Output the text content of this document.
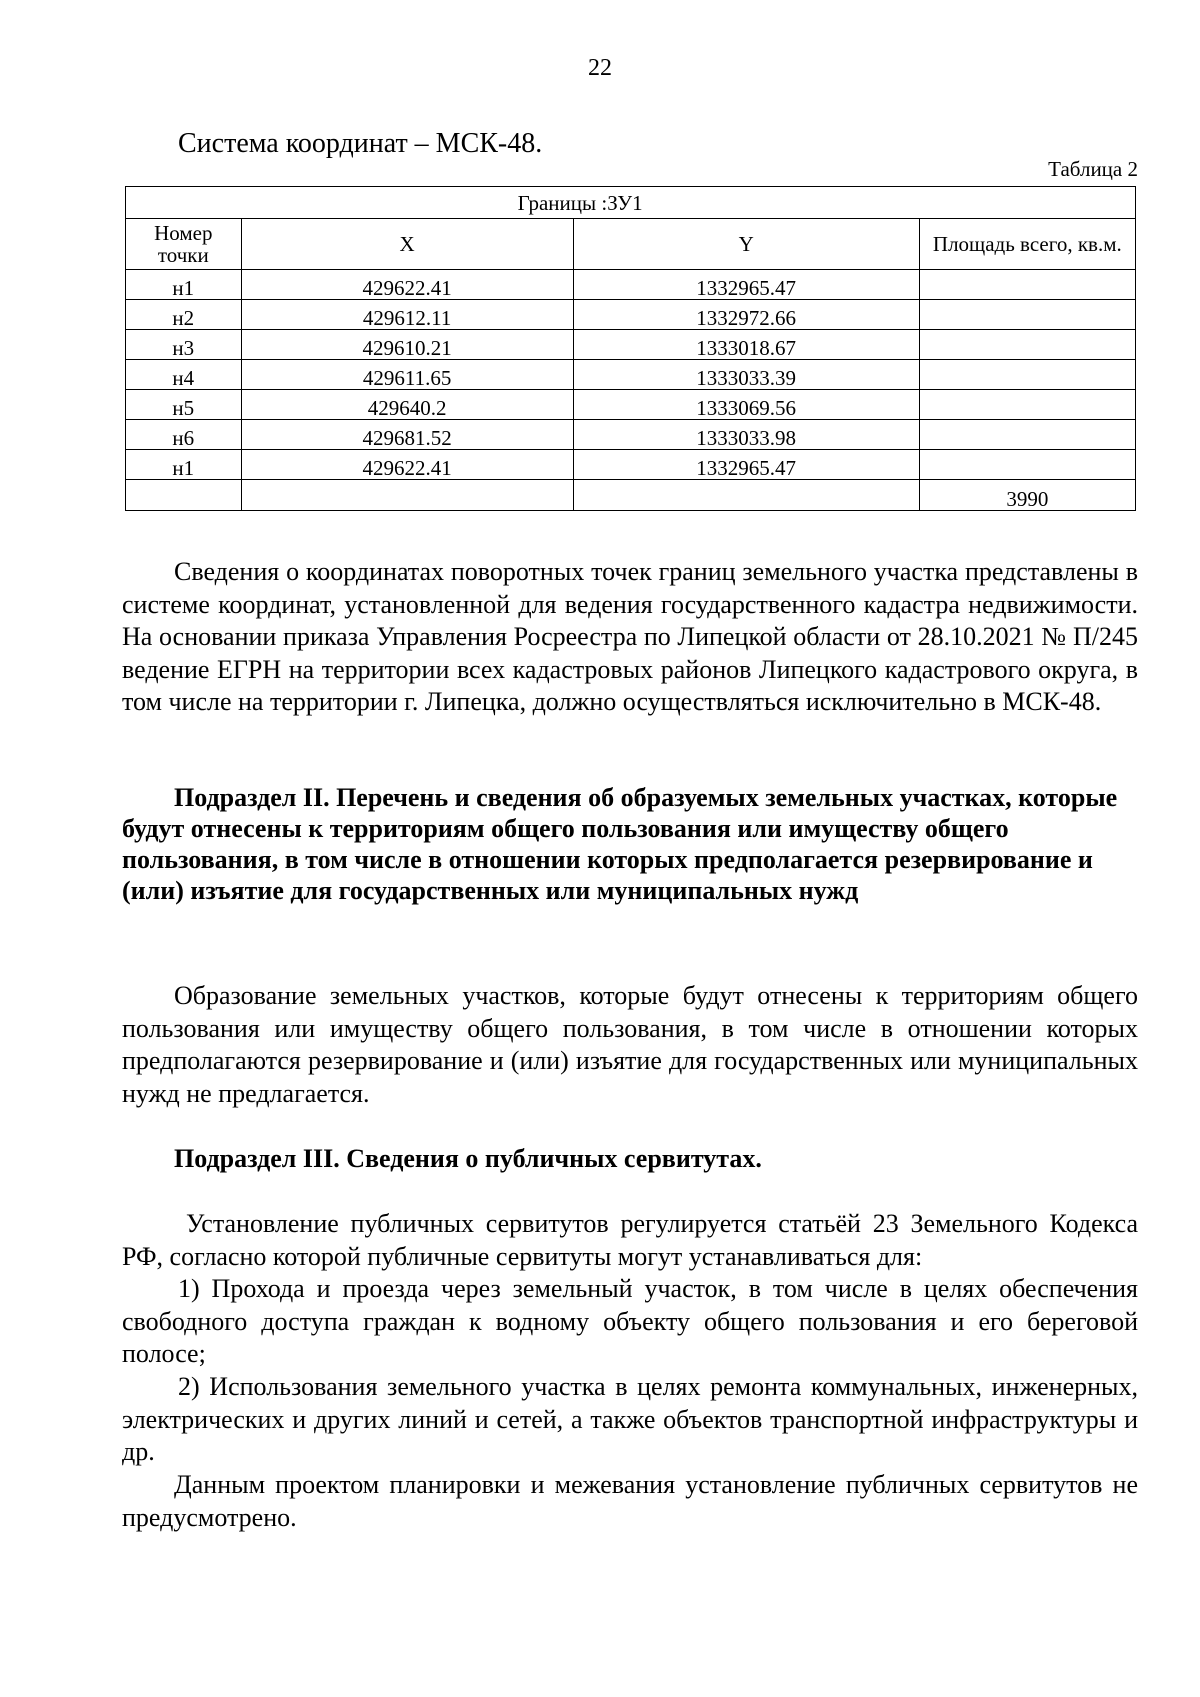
22
Система координат – МСК-48.
Таблица 2
	Границы :ЗУ1		
Номер точки	X	Y	Площадь всего, кв.м.
н1	429622.41	1332965.47	
н2	429612.11	1332972.66	
н3	429610.21	1333018.67	
н4	429611.65	1333033.39	
н5	429640.2	1333069.56	
н6	429681.52	1333033.98	
н1	429622.41	1332965.47	
			3990

Сведения о координатах поворотных точек границ земельного участка представлены в системе координат, установленной для ведения государственного кадастра недвижимости. На основании приказа Управления Росреестра по Липецкой области от 28.10.2021 № П/245 ведение ЕГРН на территории всех кадастровых районов Липецкого кадастрового округа, в том числе на территории г. Липецка, должно осуществляться исключительно в МСК-48.

Подраздел II. Перечень и сведения об образуемых земельных участках, которые будут отнесены к территориям общего пользования или имуществу общего пользования, в том числе в отношении которых предполагается резервирование и (или) изъятие для государственных или муниципальных нужд

Образование земельных участков, которые будут отнесены к территориям общего пользования или имуществу общего пользования, в том числе в отношении которых предполагаются резервирование и (или) изъятие для государственных или муниципальных нужд не предлагается.

Подраздел III. Сведения о публичных сервитутах.

Установление публичных сервитутов регулируется статьёй 23 Земельного Кодекса РФ, согласно которой публичные сервитуты могут устанавливаться для:

1) Прохода и проезда через земельный участок, в том числе в целях обеспечения свободного доступа граждан к водному объекту общего пользования и его береговой полосе;

2) Использования земельного участка в целях ремонта коммунальных, инженерных, электрических и других линий и сетей, а также объектов транспортной инфраструктуры и др.

Данным проектом планировки и межевания установление публичных сервитутов не предусмотрено.
